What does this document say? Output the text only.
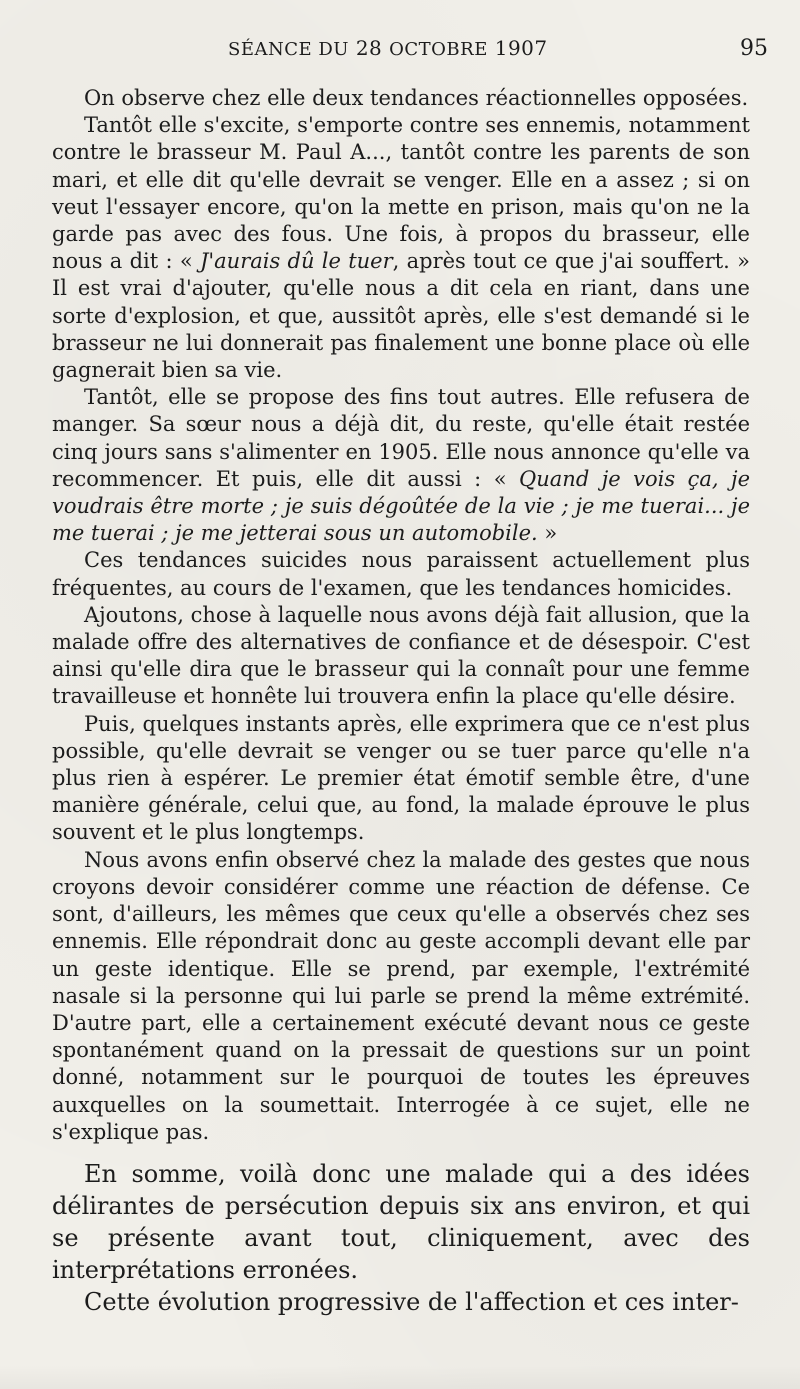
SÉANCE DU 28 OCTOBRE 1907	95

On observe chez elle deux tendances réactionnelles opposées.

Tantôt elle s'excite, s'emporte contre ses ennemis, notamment contre le brasseur M. Paul A..., tantôt contre les parents de son mari, et elle dit qu'elle devrait se venger. Elle en a assez ; si on veut l'essayer encore, qu'on la mette en prison, mais qu'on ne la garde pas avec des fous. Une fois, à propos du brasseur, elle nous a dit : « J'aurais dû le tuer, après tout ce que j'ai souffert. » Il est vrai d'ajouter, qu'elle nous a dit cela en riant, dans une sorte d'explosion, et que, aussitôt après, elle s'est demandé si le brasseur ne lui donnerait pas finalement une bonne place où elle gagnerait bien sa vie.

Tantôt, elle se propose des fins tout autres. Elle refusera de manger. Sa sœur nous a déjà dit, du reste, qu'elle était restée cinq jours sans s'alimenter en 1905. Elle nous annonce qu'elle va recommencer. Et puis, elle dit aussi : « Quand je vois ça, je voudrais être morte ; je suis dégoûtée de la vie ; je me tuerai... je me tuerai ; je me jetterai sous un automobile. »

Ces tendances suicides nous paraissent actuellement plus fréquentes, au cours de l'examen, que les tendances homicides.

Ajoutons, chose à laquelle nous avons déjà fait allusion, que la malade offre des alternatives de confiance et de désespoir. C'est ainsi qu'elle dira que le brasseur qui la connaît pour une femme travailleuse et honnête lui trouvera enfin la place qu'elle désire.

Puis, quelques instants après, elle exprimera que ce n'est plus possible, qu'elle devrait se venger ou se tuer parce qu'elle n'a plus rien à espérer. Le premier état émotif semble être, d'une manière générale, celui que, au fond, la malade éprouve le plus souvent et le plus longtemps.

Nous avons enfin observé chez la malade des gestes que nous croyons devoir considérer comme une réaction de défense. Ce sont, d'ailleurs, les mêmes que ceux qu'elle a observés chez ses ennemis. Elle répondrait donc au geste accompli devant elle par un geste identique. Elle se prend, par exemple, l'extrémité nasale si la personne qui lui parle se prend la même extrémité. D'autre part, elle a certainement exécuté devant nous ce geste spontanément quand on la pressait de questions sur un point donné, notamment sur le pourquoi de toutes les épreuves auxquelles on la soumettait. Interrogée à ce sujet, elle ne s'explique pas.

En somme, voilà donc une malade qui a des idées délirantes de persécution depuis six ans environ, et qui se présente avant tout, cliniquement, avec des interprétations erronées.

Cette évolution progressive de l'affection et ces inter-
